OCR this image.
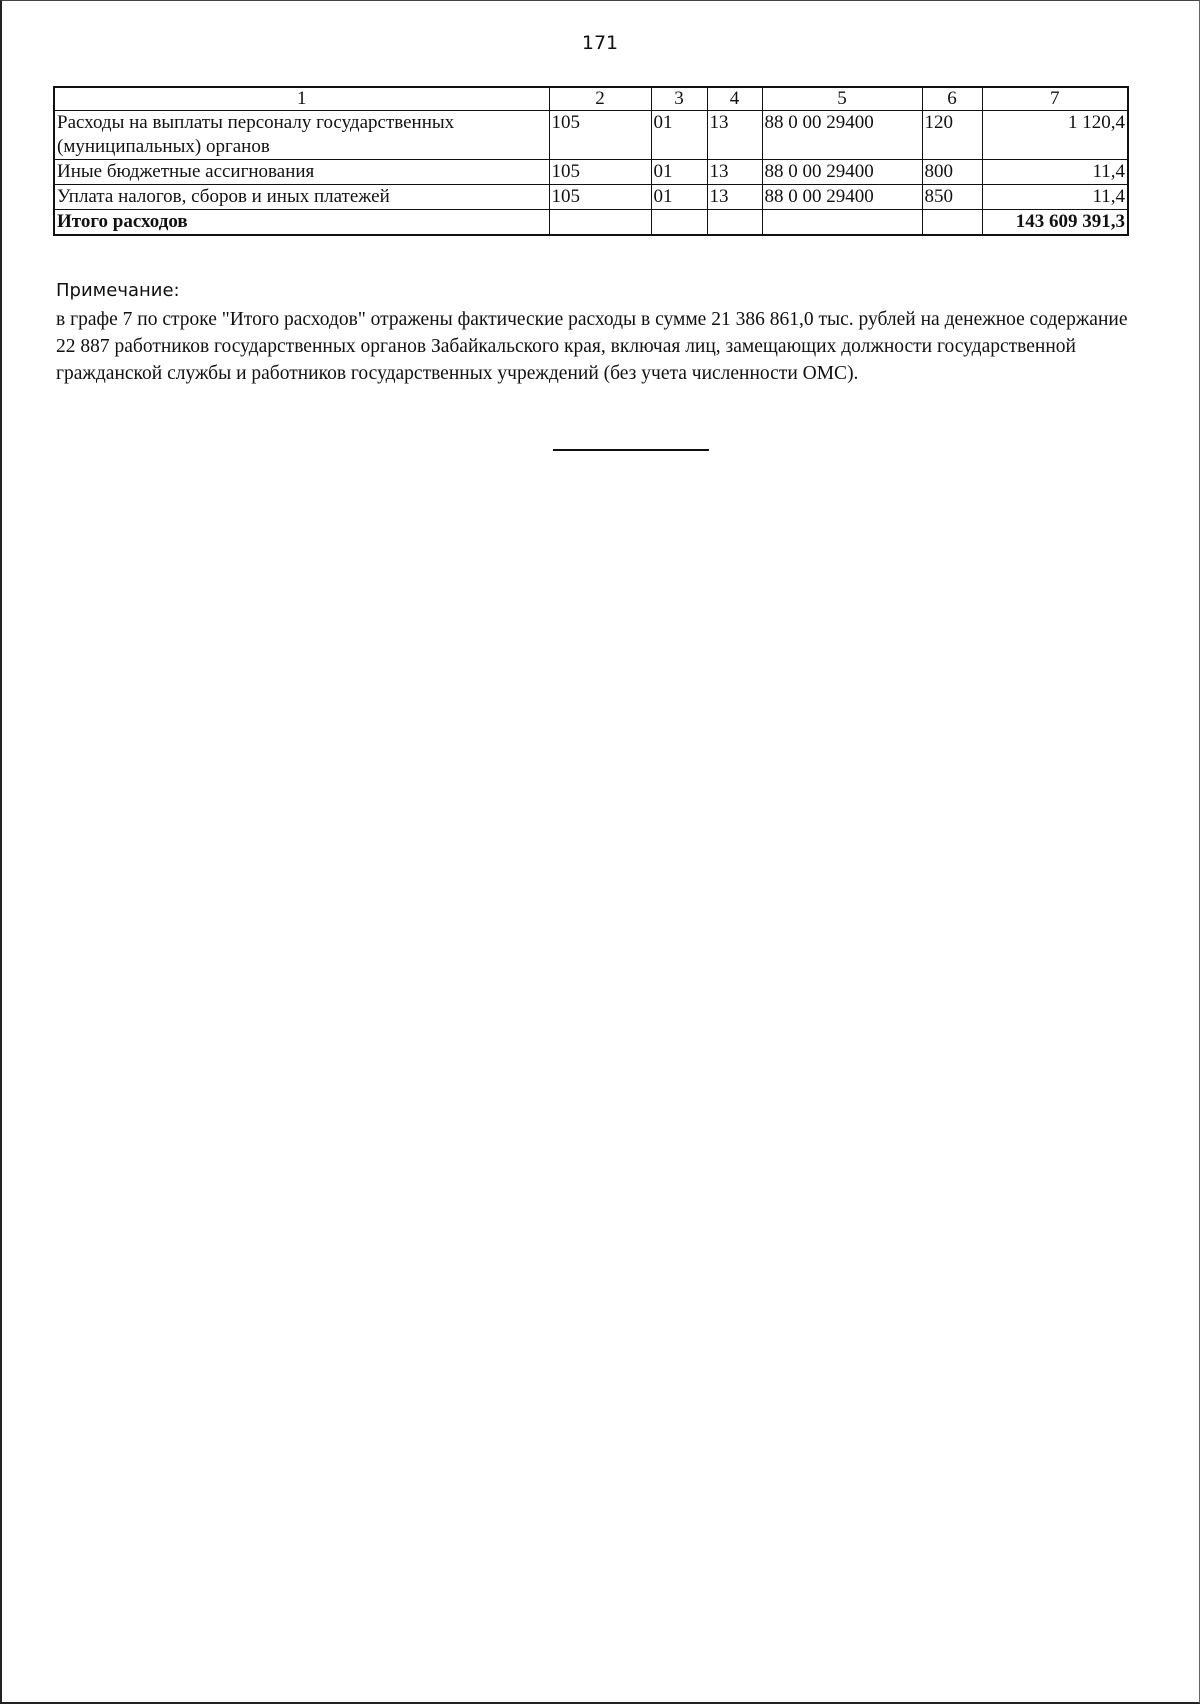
171
1	2	3	4	5	6	7
Расходы на выплаты персоналу государственных (муниципальных) органов	105	01	13	88 0 00 29400	120	1 120,4
Иные бюджетные ассигнования	105	01	13	88 0 00 29400	800	11,4
Уплата налогов, сборов и иных платежей	105	01	13	88 0 00 29400	850	11,4
Итого расходов						143 609 391,3
Примечание:
в графе 7 по строке "Итого расходов" отражены фактические расходы в сумме 21 386 861,0 тыс. рублей на денежное содержание 22 887 работников государственных органов Забайкальского края, включая лиц, замещающих должности государственной гражданской службы и работников государственных учреждений (без учета численности ОМС).
